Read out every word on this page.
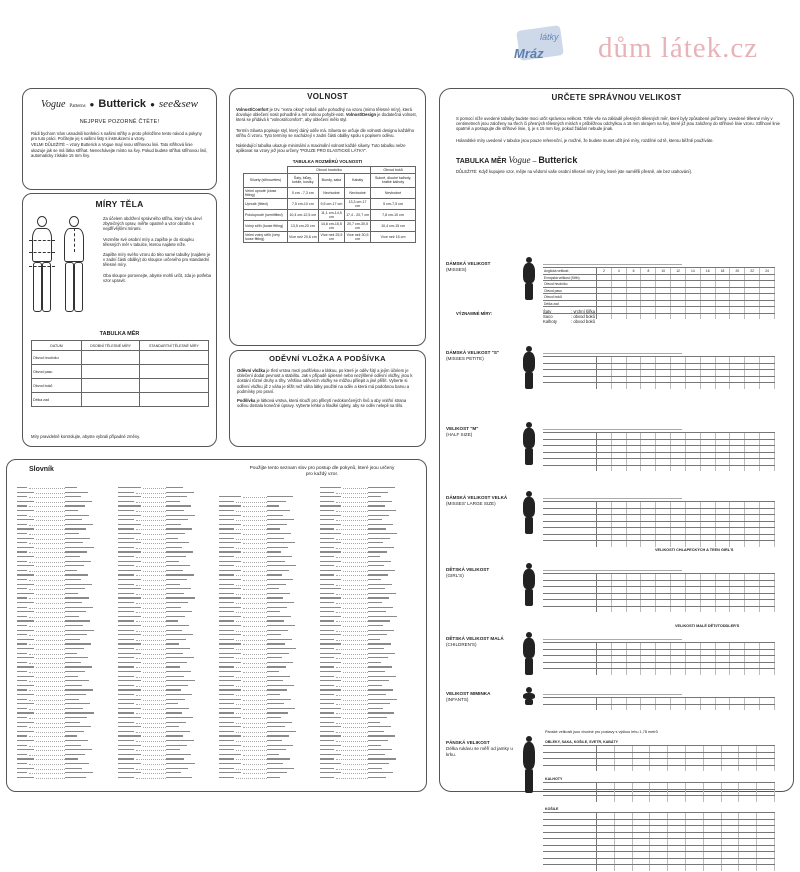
látky
Mráz dům látek.cz
Vogue Patterns ● Butterick ● see&sew
NEJPRVE POZORNĚ ČTĚTE!

Rádi bychom Vám usnadnili konfekci s našimi střihy a proto přeložíme tento návod a pokyny pro tuto práci. Počítejte jej s vašimi listy s instrukcemi a vzory.

VELMI DŮLEŽITÉ – vzory Butterick a Vogue mají svou střihovou linii. Tato střihová linie ukazuje jak se má látka stříhat. Nenechávejte místo na švy. Pokud budete stříhat střihovou linií, automaticky získáte 15 mm švy.

MÍRY TĚLA

Za účelem obdržení správného střihu, který Vás uleví zbytečných oprav, měřte opatrně a vzor obraťte s nejdřívějšími mírami.

Vezměte své osobní míry a zapište je do sloupku tělesných měr v tabulce, kterou najdete níže.

Zapište míry svého vzoru do této samé tabulky (najdete je v zadní části obálky) do sloupce určeného pro standardní tělesné míry.

Oba sloupce porovnejte, abyste mohli určit, zda je potřeba vzor upravit.

TABULKA MĚR
DATUM	OSOBNÍ TĚLESNÉ MÍRY	STANDARTNÍ TĚLESNÉ MÍRY
Obvod hrudníku		
Obvod pasu		
Obvod boků		
Délka zad		
Míry pravidelně kontrolujte, abyste vybrali případné změny.
VOLNOST

Volnost/Comfort je tzv. "extra okraj" nebaš oděv pohodlný na vzoru (mimo tělesné míry), která dovoluje oblečení nosit pohodlně a mít volnou pohybl-vost. Volnost/Design je dodatečná volnost, která se přidává k "volnosti/comfort", aby oblečení mělo styl.

Termín Silueta popisuje styl, který dáný oděv má. Silueta se určuje dle volnosti designu každého střihu či vzoru. Tyto termíny se nacházejí v zadní části obálky spolu s popisem oděvu.

Následující tabulka ukazuje minimální a maximální volnost každé siluety. Tuto tabulku nelze aplikovat na vzory jež jsou určeny "POUZE PRO ELASTICKÉ LÁTKY".

TABULKA ROZMĚRŮ VOLNOSTI
	Obvod hrudníku			Obvod boků
Siluety (silhouettes)	Šaty, blůzy, košile, kostky	Bundy, saka	Kabáty	Sukně, dlouhé kalhoty, krátké kalhoty
Velmi upnuté (close fitting)	0 cm - 7,3 cm	Nevhodné	Nevhodné	Nevhodné
Upnuté (fitted)	7,5 cm-10 cm	9,5 cm-17 cm	13,3 cm-17 cm	5 cm-7,5 cm
Pololupnuté (semifitted)	10,4 cm-12,5 cm	11,1 cm-14,5 cm	17,4 - 20,7 cm	7,8 cm-10 cm
Volný střih (loose fitting)	13,5 cm-20 cm	14,6 cm-15,5 cm	20,7 cm-30,5 cm	10,4 cm-15 cm
Velmi volný střih (very loose fitting)	Více než 20,6 cm	Více než 25,5 cm	Více než 30,5 cm	Více než 15 cm
ODĚVNÍ VLOŽKA A PODŠÍVKA

Oděvní vložka je třetí vrstva mezi podšívkou a látkou, po které je oděv šitý a jejím účelem je oblečení dodat pevnost a stabilitu. Jak v případě úplesné nebo nezýšlené oděvní vložky, jsou k dostání různé druhy a tíhy. Většina oděvních vložky se můžou přilepit a jiné přišít. Vyberte si oděvní vložku již z váha je těžit než váha látky použité na oděv a která má podobnou barvu a podmínky pro praní.

Podšívka je látková vrstva, která slouží pro přikrytí nedokončených švů a aby vnitřní strana oděvu dostala konečné úpravy. Vyberte lehké a hladké úplety, aby se oděv nelepil na tělo.

Slovník	Použijte tento seznam slov pro postup dle pokynů, které jsou určeny pro každý vzor.
URČETE SPRÁVNOU VELIKOST

S pomocí níže uvedené tabulky budete moci určit správnou velikost. Tohle vše na základě přesných tělesných měr, které byly způsobené pořízeny. Uvedené tělesné míry v centimetrech jsou založeny na třech či přesných tělesných mírách s průběžnou odchylkou a 15 mm okrajem na švy, které již jsou založeny do střihové linie vzoru. Střihové linie opatrně a postupujte dle střihové linie, tj. je s 15 mm švy, pokud žádání nebude jinak.

Holandské míry uvedené v tabulce jsou pouze referenční, je možné, že budete muset užít jiné míry, rozdílné od tě, kterou běžně používáte.

TABULKA MĚR Vogue – Butterick

DŮLEŽITÉ: Když kupujete vzor, mějte na vědomí vaše osobní tělesné míry (míry, které jste naměřili přesně, ale bez utahování).

VÝZNAMNÉ MÍRY:	Šaty	: vrchní šířka
Saco	: obvod boků
Kalhoty	: obvod boků
DÁMSKÁ VELIKOST
(MISSES)	Anglická velikost	2	4	6	8	10	12	14	16	18	20	22	24
Evropská velikost (Střih)
Obvod hrudníku
Obvod pasu
Obvod boků
Délka zad
DÁMSKÁ VELIKOST "S"
(MISSES PETITE)
VELIKOST "M"
(HALF SIZE)
DÁMSKÁ VELIKOST VELKÁ
(MISSES' LARGE SIZE)
DĚTSKÁ VELIKOST
(GIRL'S)
DĚTSKÁ VELIKOST MALÁ
(CHILDREN'S)
VELIKOST MIMINKA
(INFANTS)
PÁNSKÁ VELIKOST
Délka rukávu se měří od jamky u krku.
VELIKOSTI CHLAPECKÝCH A TEEN GIRL'S
VELIKOSTI MALÉ DĚTI/TODDLER'S
Pánské velikosti jsou vhodné pro postavy s výškou lehu 1,78 metrů
OBLEKY, SAKA, KOŠILE, SVETR, KABÁTY
KALHOTY
KOŠILE
